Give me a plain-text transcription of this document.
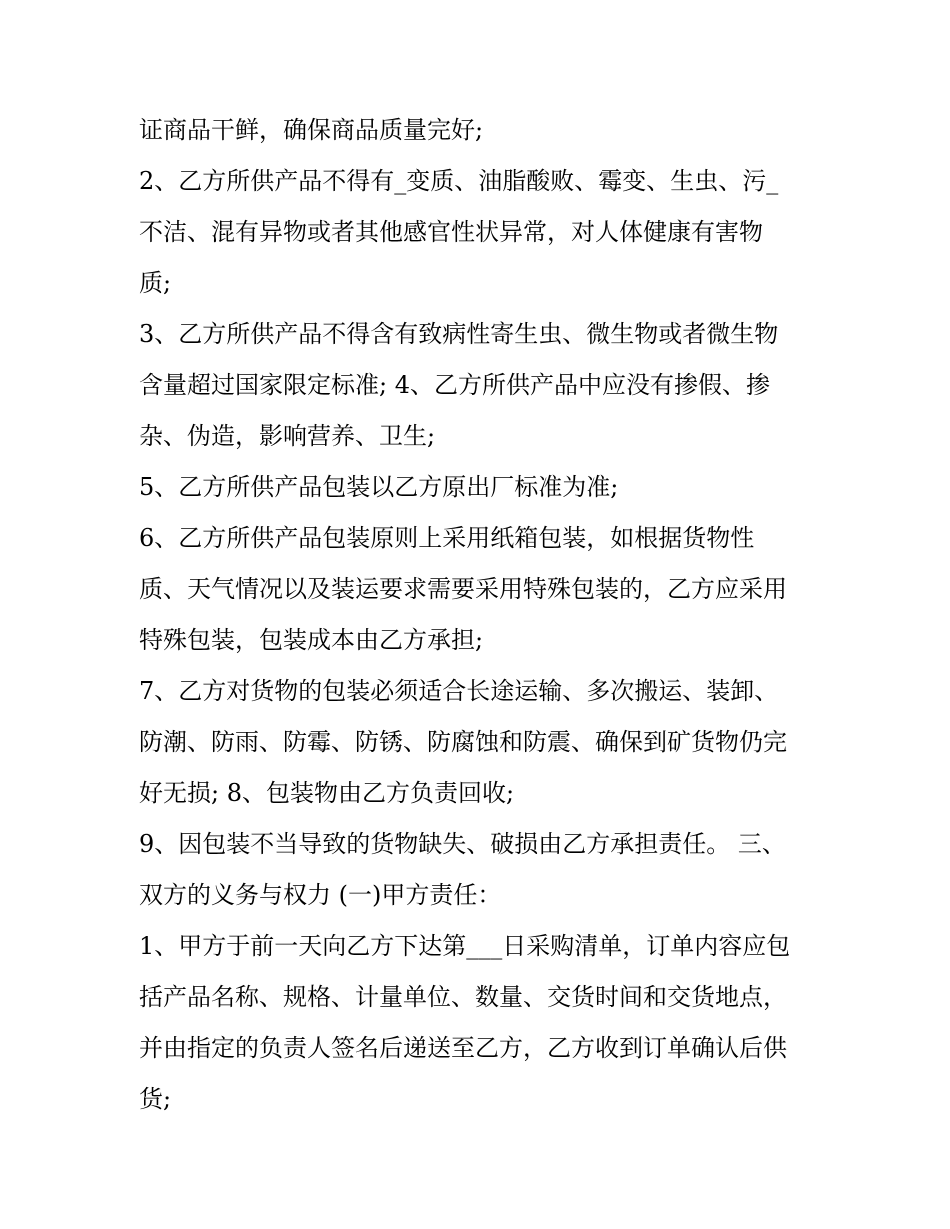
证商品干鲜，确保商品质量完好;
2、乙方所供产品不得有_变质、油脂酸败、霉变、生虫、污_
不洁、混有异物或者其他感官性状异常，对人体健康有害物
质;
3、乙方所供产品不得含有致病性寄生虫、微生物或者微生物
含量超过国家限定标准; 4、乙方所供产品中应没有掺假、掺
杂、伪造，影响营养、卫生;
5、乙方所供产品包装以乙方原出厂标准为准;
6、乙方所供产品包装原则上采用纸箱包装，如根据货物性
质、天气情况以及装运要求需要采用特殊包装的，乙方应采用
特殊包装，包装成本由乙方承担;
7、乙方对货物的包装必须适合长途运输、多次搬运、装卸、
防潮、防雨、防霉、防锈、防腐蚀和防震、确保到矿货物仍完
好无损; 8、包装物由乙方负责回收;
9、因包装不当导致的货物缺失、破损由乙方承担责任。 三、
双方的义务与权力 (一)甲方责任：
1、甲方于前一天向乙方下达第___日采购清单，订单内容应包
括产品名称、规格、计量单位、数量、交货时间和交货地点，
并由指定的负责人签名后递送至乙方，乙方收到订单确认后供
货;
